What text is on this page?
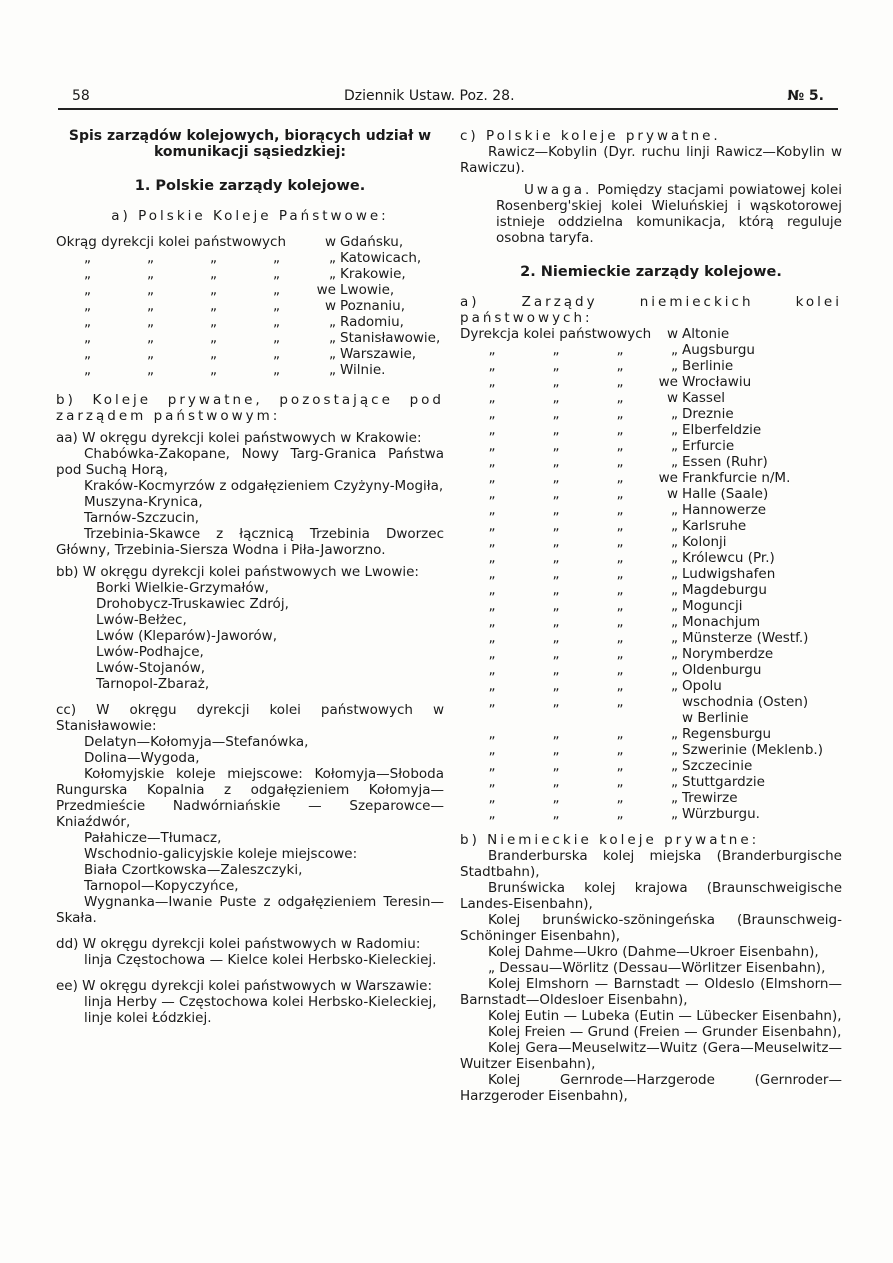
58	Dziennik Ustaw. Poz. 28.	№ 5.

Spis zarządów kolejowych, biorących udział w komunikacji sąsiedzkiej:

1. Polskie zarządy kolejowe.

a) Polskie Koleje Państwowe:

Okrąg dyrekcji kolei państwowych	w Gdańsku,
„	„	„	„	„ Katowicach,
„	„	„	„	„ Krakowie,
„	„	„	„	we Lwowie,
„	„	„	„	w Poznaniu,
„	„	„	„	„ Radomiu,
„	„	„	„	„ Stanisławowie,
„	„	„	„	„ Warszawie,
„	„	„	„	„ Wilnie.

b) Koleje prywatne, pozostające pod zarządem państwowym:

aa) W okręgu dyrekcji kolei państwowych w Krakowie:

Chabówka-Zakopane, Nowy Targ-Granica Państwa pod Suchą Horą,

Kraków-Kocmyrzów z odgałęzieniem Czyżyny-Mogiła,

Muszyna-Krynica,

Tarnów-Szczucin,

Trzebinia-Skawce z łącznicą Trzebinia Dworzec Główny, Trzebinia-Siersza Wodna i Piła-Jaworzno.

bb) W okręgu dyrekcji kolei państwowych we Lwowie:

Borki Wielkie-Grzymałów,

Drohobycz-Truskawiec Zdrój,

Lwów-Bełżec,

Lwów (Kleparów)-Jaworów,

Lwów-Podhajce,

Lwów-Stojanów,

Tarnopol-Zbaraż,

cc) W okręgu dyrekcji kolei państwowych w Stanisławowie:

Delatyn—Kołomyja—Stefanówka,

Dolina—Wygoda,

Kołomyjskie koleje miejscowe: Kołomyja—Słoboda Rungurska Kopalnia z odgałęzieniem Kołomyja—Przedmieście Nadwórniańskie — Szeparowce—Kniaźdwór,

Pałahicze—Tłumacz,

Wschodnio-galicyjskie koleje miejscowe:

Biała Czortkowska—Zaleszczyki,

Tarnopol—Kopyczyńce,

Wygnanka—Iwanie Puste z odgałęzieniem Teresin—Skała.

dd) W okręgu dyrekcji kolei państwowych w Radomiu:

linja Częstochowa — Kielce kolei Herbsko-Kieleckiej.

ee) W okręgu dyrekcji kolei państwowych w Warszawie:

linja Herby — Częstochowa kolei Herbsko-Kieleckiej,

linje kolei Łódzkiej.

c) Polskie koleje prywatne.

Rawicz—Kobylin (Dyr. ruchu linji Rawicz—Kobylin w Rawiczu).

Uwaga. Pomiędzy stacjami powiatowej kolei Rosenberg'skiej kolei Wieluńskiej i wąskotorowej istnieje oddzielna komunikacja, którą reguluje osobna taryfa.

2. Niemieckie zarządy kolejowe.

a) Zarządy niemieckich kolei państwowych:

Dyrekcja kolei państwowych	w Altonie
„	„	„	„ Augsburgu
„	„	„	„ Berlinie
„	„	„	we Wrocławiu
„	„	„	w Kassel
„	„	„	„ Dreznie
„	„	„	„ Elberfeldzie
„	„	„	„ Erfurcie
„	„	„	„ Essen (Ruhr)
„	„	„	we Frankfurcie n/M.
„	„	„	w Halle (Saale)
„	„	„	„ Hannowerze
„	„	„	„ Karlsruhe
„	„	„	„ Kolonji
„	„	„	„ Królewcu (Pr.)
„	„	„	„ Ludwigshafen
„	„	„	„ Magdeburgu
„	„	„	„ Moguncji
„	„	„	„ Monachjum
„	„	„	„ Münsterze (Westf.)
„	„	„	„ Norymberdze
„	„	„	„ Oldenburgu
„	„	„	„ Opolu
„	„	„	wschodnia (Osten)
w Berlinie
„	„	„	„ Regensburgu
„	„	„	„ Szwerinie (Meklenb.)
„	„	„	„ Szczecinie
„	„	„	„ Stuttgardzie
„	„	„	„ Trewirze
„	„	„	„ Würzburgu.

b) Niemieckie koleje prywatne:

Branderburska kolej miejska (Branderburgische Stadtbahn),

Brunświcka kolej krajowa (Braunschweigische Landes-Eisenbahn),

Kolej brunświcko-szöningeńska (Braunschweig-Schöninger Eisenbahn),

Kolej Dahme—Ukro (Dahme—Ukroer Eisenbahn),

„ Dessau—Wörlitz (Dessau—Wörlitzer Eisenbahn),

Kolej Elmshorn — Barnstadt — Oldeslo (Elmshorn—Barnstadt—Oldesloer Eisenbahn),

Kolej Eutin — Lubeka (Eutin — Lübecker Eisenbahn),

Kolej Freien — Grund (Freien — Grunder Eisenbahn),

Kolej Gera—Meuselwitz—Wuitz (Gera—Meuselwitz—Wuitzer Eisenbahn),

Kolej Gernrode—Harzgerode (Gernroder—Harzgeroder Eisenbahn),
